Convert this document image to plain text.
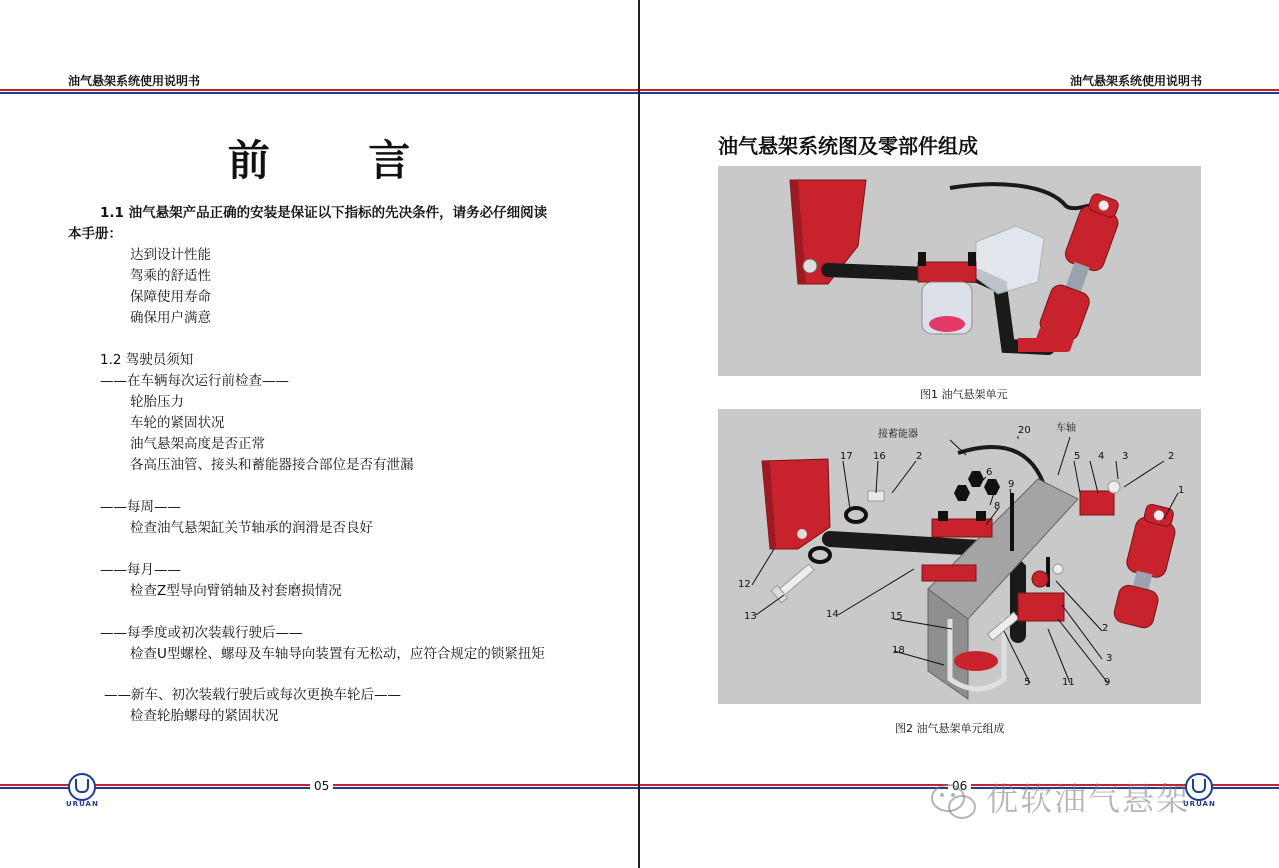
油气悬架系统使用说明书
前 言
1.1 油气悬架产品正确的安装是保证以下指标的先决条件，请务必仔细阅读
本手册：
达到设计性能
驾乘的舒适性
保障使用寿命
确保用户满意
1.2 驾驶员须知
——在车辆每次运行前检查——
轮胎压力
车轮的紧固状况
油气悬架高度是否正常
各高压油管、接头和蓄能器接合部位是否有泄漏
——每周——
检查油气悬架缸关节轴承的润滑是否良好
——每月——
检查Z型导向臂销轴及衬套磨损情况
——每季度或初次装载行驶后——
检查U型螺栓、螺母及车轴导向装置有无松动，应符合规定的锁紧扭矩
——新车、初次装载行驶后或每次更换车轮后——
检查轮胎螺母的紧固状况
URUAN
05
油气悬架系统使用说明书
油气悬架系统图及零部件组成
图1 油气悬架单元
接蓄能器
车轴
20
17 16	2
6
7 9
8
5 4 3	2
1
12
13	14	15
18
2
3
9
11
5
图2 油气悬架单元组成
06
URUAN
优软油气悬架
